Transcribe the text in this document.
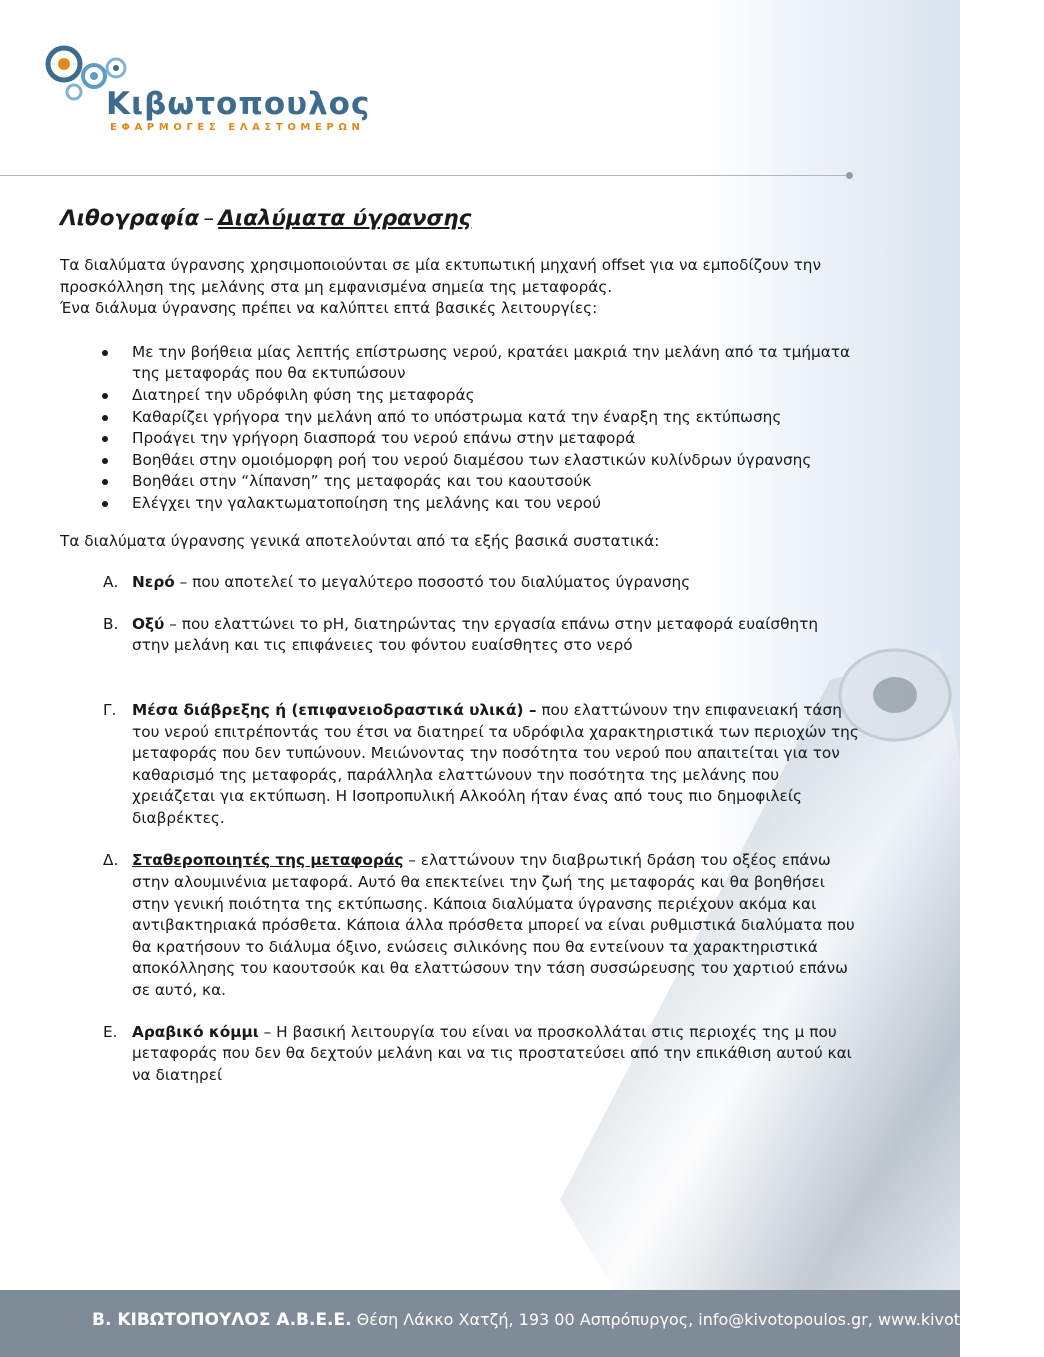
Κιβωτοπουλος
ΕΦΑΡΜΟΓΕΣ ΕΛΑΣΤΟΜΕΡΩΝ
Λιθογραφία – Διαλύματα ύγρανσης

Τα διαλύματα ύγρανσης χρησιμοποιούνται σε μία εκτυπωτική μηχανή offset για να εμποδίζουν την προσκόλληση της μελάνης στα μη εμφανισμένα σημεία της μεταφοράς.

Ένα διάλυμα ύγρανσης πρέπει να καλύπτει επτά βασικές λειτουργίες:

Με την βοήθεια μίας λεπτής επίστρωσης νερού, κρατάει μακριά την μελάνη από τα τμήματα της μεταφοράς που θα εκτυπώσουν
Διατηρεί την υδρόφιλη φύση της μεταφοράς
Καθαρίζει γρήγορα την μελάνη από το υπόστρωμα κατά την έναρξη της εκτύπωσης
Προάγει την γρήγορη διασπορά του νερού επάνω στην μεταφορά
Βοηθάει στην ομοιόμορφη ροή του νερού διαμέσου των ελαστικών κυλίνδρων ύγρανσης
Βοηθάει στην “λίπανση” της μεταφοράς και του καουτσούκ
Ελέγχει την γαλακτωματοποίηση της μελάνης και του νερού

Τα διαλύματα ύγρανσης γενικά αποτελούνται από τα εξής βασικά συστατικά:

Α. Νερό – που αποτελεί το μεγαλύτερο ποσοστό του διαλύματος ύγρανσης

Β. Οξύ – που ελαττώνει το pH, διατηρώντας την εργασία επάνω στην μεταφορά ευαίσθητη στην μελάνη και τις επιφάνειες του φόντου ευαίσθητες στο νερό

Γ. Μέσα διάβρεξης ή (επιφανειοδραστικά υλικά) – που ελαττώνουν την επιφανειακή τάση του νερού επιτρέποντάς του έτσι να διατηρεί τα υδρόφιλα χαρακτηριστικά των περιοχών της μεταφοράς που δεν τυπώνουν. Μειώνοντας την ποσότητα του νερού που απαιτείται για τον καθαρισμό της μεταφοράς, παράλληλα ελαττώνουν την ποσότητα της μελάνης που χρειάζεται για εκτύπωση. Η Ισοπροπυλική Αλκοόλη ήταν ένας από τους πιο δημοφιλείς διαβρέκτες.

Δ. Σταθεροποιητές της μεταφοράς – ελαττώνουν την διαβρωτική δράση του οξέος επάνω στην αλουμινένια μεταφορά. Αυτό θα επεκτείνει την ζωή της μεταφοράς και θα βοηθήσει στην γενική ποιότητα της εκτύπωσης. Κάποια διαλύματα ύγρανσης περιέχουν ακόμα και αντιβακτηριακά πρόσθετα. Κάποια άλλα πρόσθετα μπορεί να είναι ρυθμιστικά διαλύματα που θα κρατήσουν το διάλυμα όξινο, ενώσεις σιλικόνης που θα εντείνουν τα χαρακτηριστικά αποκόλλησης του καουτσούκ και θα ελαττώσουν την τάση συσσώρευσης του χαρτιού επάνω σε αυτό, κα.

Ε. Αραβικό κόμμι – Η βασική λειτουργία του είναι να προσκολλάται στις περιοχές της μ που μεταφοράς που δεν θα δεχτούν μελάνη και να τις προστατεύσει από την επικάθιση αυτού και να διατηρεί

Β. ΚΙΒΩΤΟΠΟΥΛΟΣ Α.Β.Ε.Ε. Θέση Λάκκο Χατζή, 193 00 Ασπρόπυργος, info@kivotopoulos.gr, www.kivotopoulos.gr
